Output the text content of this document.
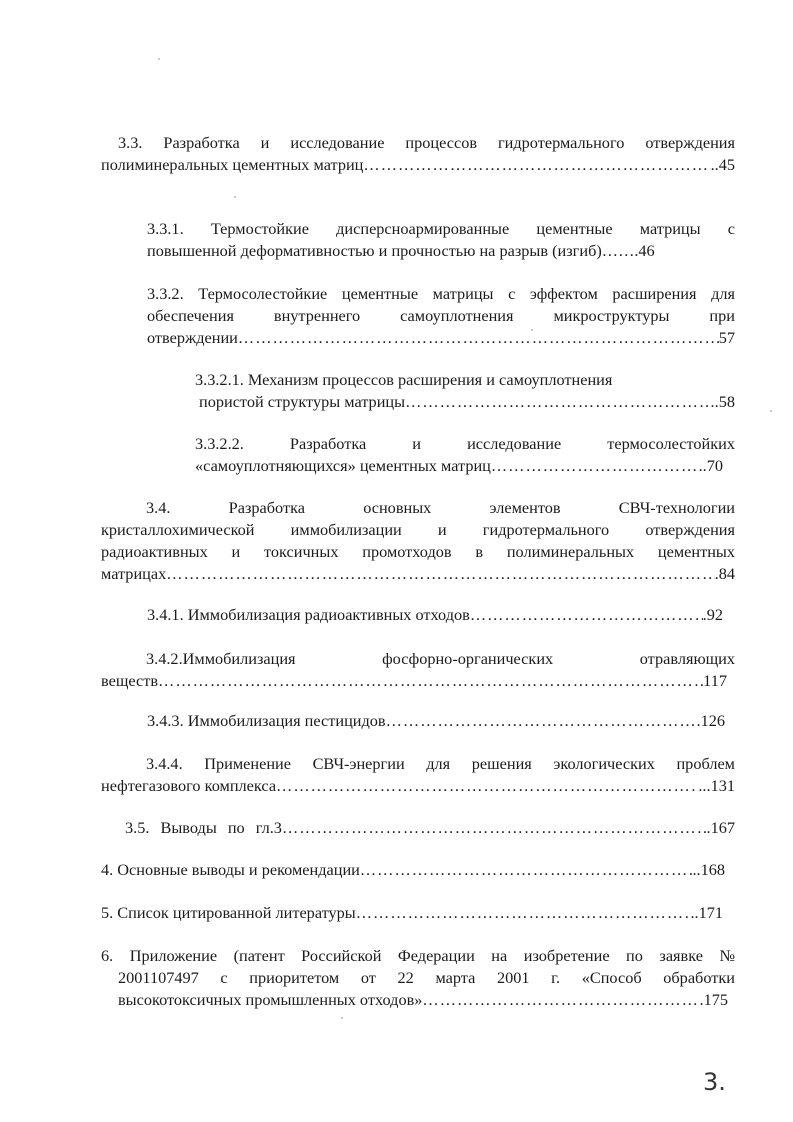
3.3. Разработка и исследование процессов гидротермального отверждения
полиминеральных цементных матриц ……………………………………………………………………………………………………………………………………………………………………………………………………………	..45
3.3.1. Термостойкие дисперсноармированные цементные матрицы с
повышенной деформативностью и прочностью на разрыв (изгиб) …….46
3.3.2. Термосолестойкие цементные матрицы с эффектом расширения для
обеспечения внутреннего самоуплотнения микроструктуры при
отверждении ……………………………………………………………………………………………………………………………………………………………………………………………………………	57
3.3.2.1. Механизм процессов расширения и самоуплотнения
пористой структуры матрицы ……………………………………………………………………………………………………………………………………………………………………………………………………………	.58
3.3.2.2. Разработка и исследование термосолестойких
«самоуплотняющихся» цементных матриц ……………………………………………………………………………………………………………………………………………………………………………………………………………	..70
3.4. Разработка основных элементов СВЧ-технологии
кристаллохимической иммобилизации и гидротермального отверждения
радиоактивных и токсичных промотходов в полиминеральных цементных
матрицах ……………………………………………………………………………………………………………………………………………………………………………………………………………	.84
3.4.1. Иммобилизация радиоактивных отходов ……………………………………………………………………………………………………………………………………………………………………………………………………………	.92
3.4.2.Иммобилизация фосфорно-органических отравляющих
веществ ……………………………………………………………………………………………………………………………………………………………………………………………………………	117
3.4.3. Иммобилизация пестицидов ……………………………………………………………………………………………………………………………………………………………………………………………………………	.126
3.4.4. Применение СВЧ-энергии для решения экологических проблем
нефтегазового комплекса ……………………………………………………………………………………………………………………………………………………………………………………………………………	...131
3.5. Выводы по гл.3 ……………………………………………………………………………………………………………………………………………………………………………………………………………	.167
4. Основные выводы и рекомендации ……………………………………………………………………………………………………………………………………………………………………………………………………………	..168
5. Список цитированной литературы ……………………………………………………………………………………………………………………………………………………………………………………………………………	..171
6. Приложение (патент Российской Федерации на изобретение по заявке №
2001107497 с приоритетом от 22 марта 2001 г. «Способ обработки
высокотоксичных промышленных отходов» ……………………………………………………………………………………………………………………………………………………………………………………………………………	.175
3.
